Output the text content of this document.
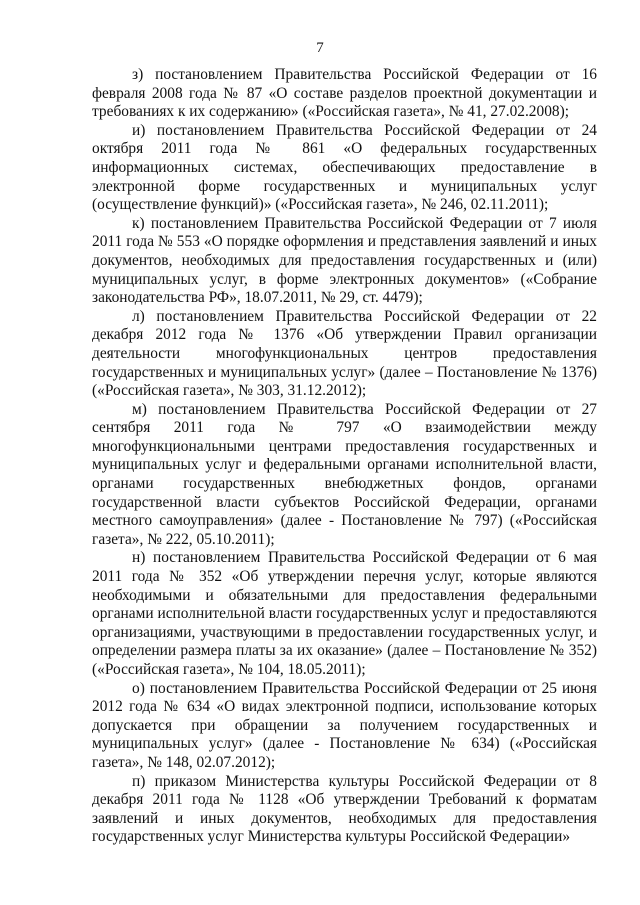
7

з) постановлением Правительства Российской Федерации от 16 февраля 2008 года № 87 «О составе разделов проектной документации и требованиях к их содержанию» («Российская газета», № 41, 27.02.2008);

и) постановлением Правительства Российской Федерации от 24 октября 2011 года № 861 «О федеральных государственных информационных системах, обеспечивающих предоставление в электронной форме государственных и муниципальных услуг (осуществление функций)» («Российская газета», № 246, 02.11.2011);

к) постановлением Правительства Российской Федерации от 7 июля 2011 года № 553 «О порядке оформления и представления заявлений и иных документов, необходимых для предоставления государственных и (или) муниципальных услуг, в форме электронных документов» («Собрание законодательства РФ», 18.07.2011, № 29, ст. 4479);

л) постановлением Правительства Российской Федерации от 22 декабря 2012 года № 1376 «Об утверждении Правил организации деятельности многофункциональных центров предоставления государственных и муниципальных услуг» (далее – Постановление № 1376) («Российская газета», № 303, 31.12.2012);

м) постановлением Правительства Российской Федерации от 27 сентября 2011 года № 797 «О взаимодействии между многофункциональными центрами предоставления государственных и муниципальных услуг и федеральными органами исполнительной власти, органами государственных внебюджетных фондов, органами государственной власти субъектов Российской Федерации, органами местного самоуправления» (далее - Постановление № 797) («Российская газета», № 222, 05.10.2011);

н) постановлением Правительства Российской Федерации от 6 мая 2011 года № 352 «Об утверждении перечня услуг, которые являются необходимыми и обязательными для предоставления федеральными органами исполнительной власти государственных услуг и предоставляются организациями, участвующими в предоставлении государственных услуг, и определении размера платы за их оказание» (далее – Постановление № 352) («Российская газета», № 104, 18.05.2011);

о) постановлением Правительства Российской Федерации от 25 июня 2012 года № 634 «О видах электронной подписи, использование которых допускается при обращении за получением государственных и муниципальных услуг» (далее - Постановление № 634) («Российская газета», № 148, 02.07.2012);

п) приказом Министерства культуры Российской Федерации от 8 декабря 2011 года № 1128 «Об утверждении Требований к форматам заявлений и иных документов, необходимых для предоставления государственных услуг Министерства культуры Российской Федерации»
